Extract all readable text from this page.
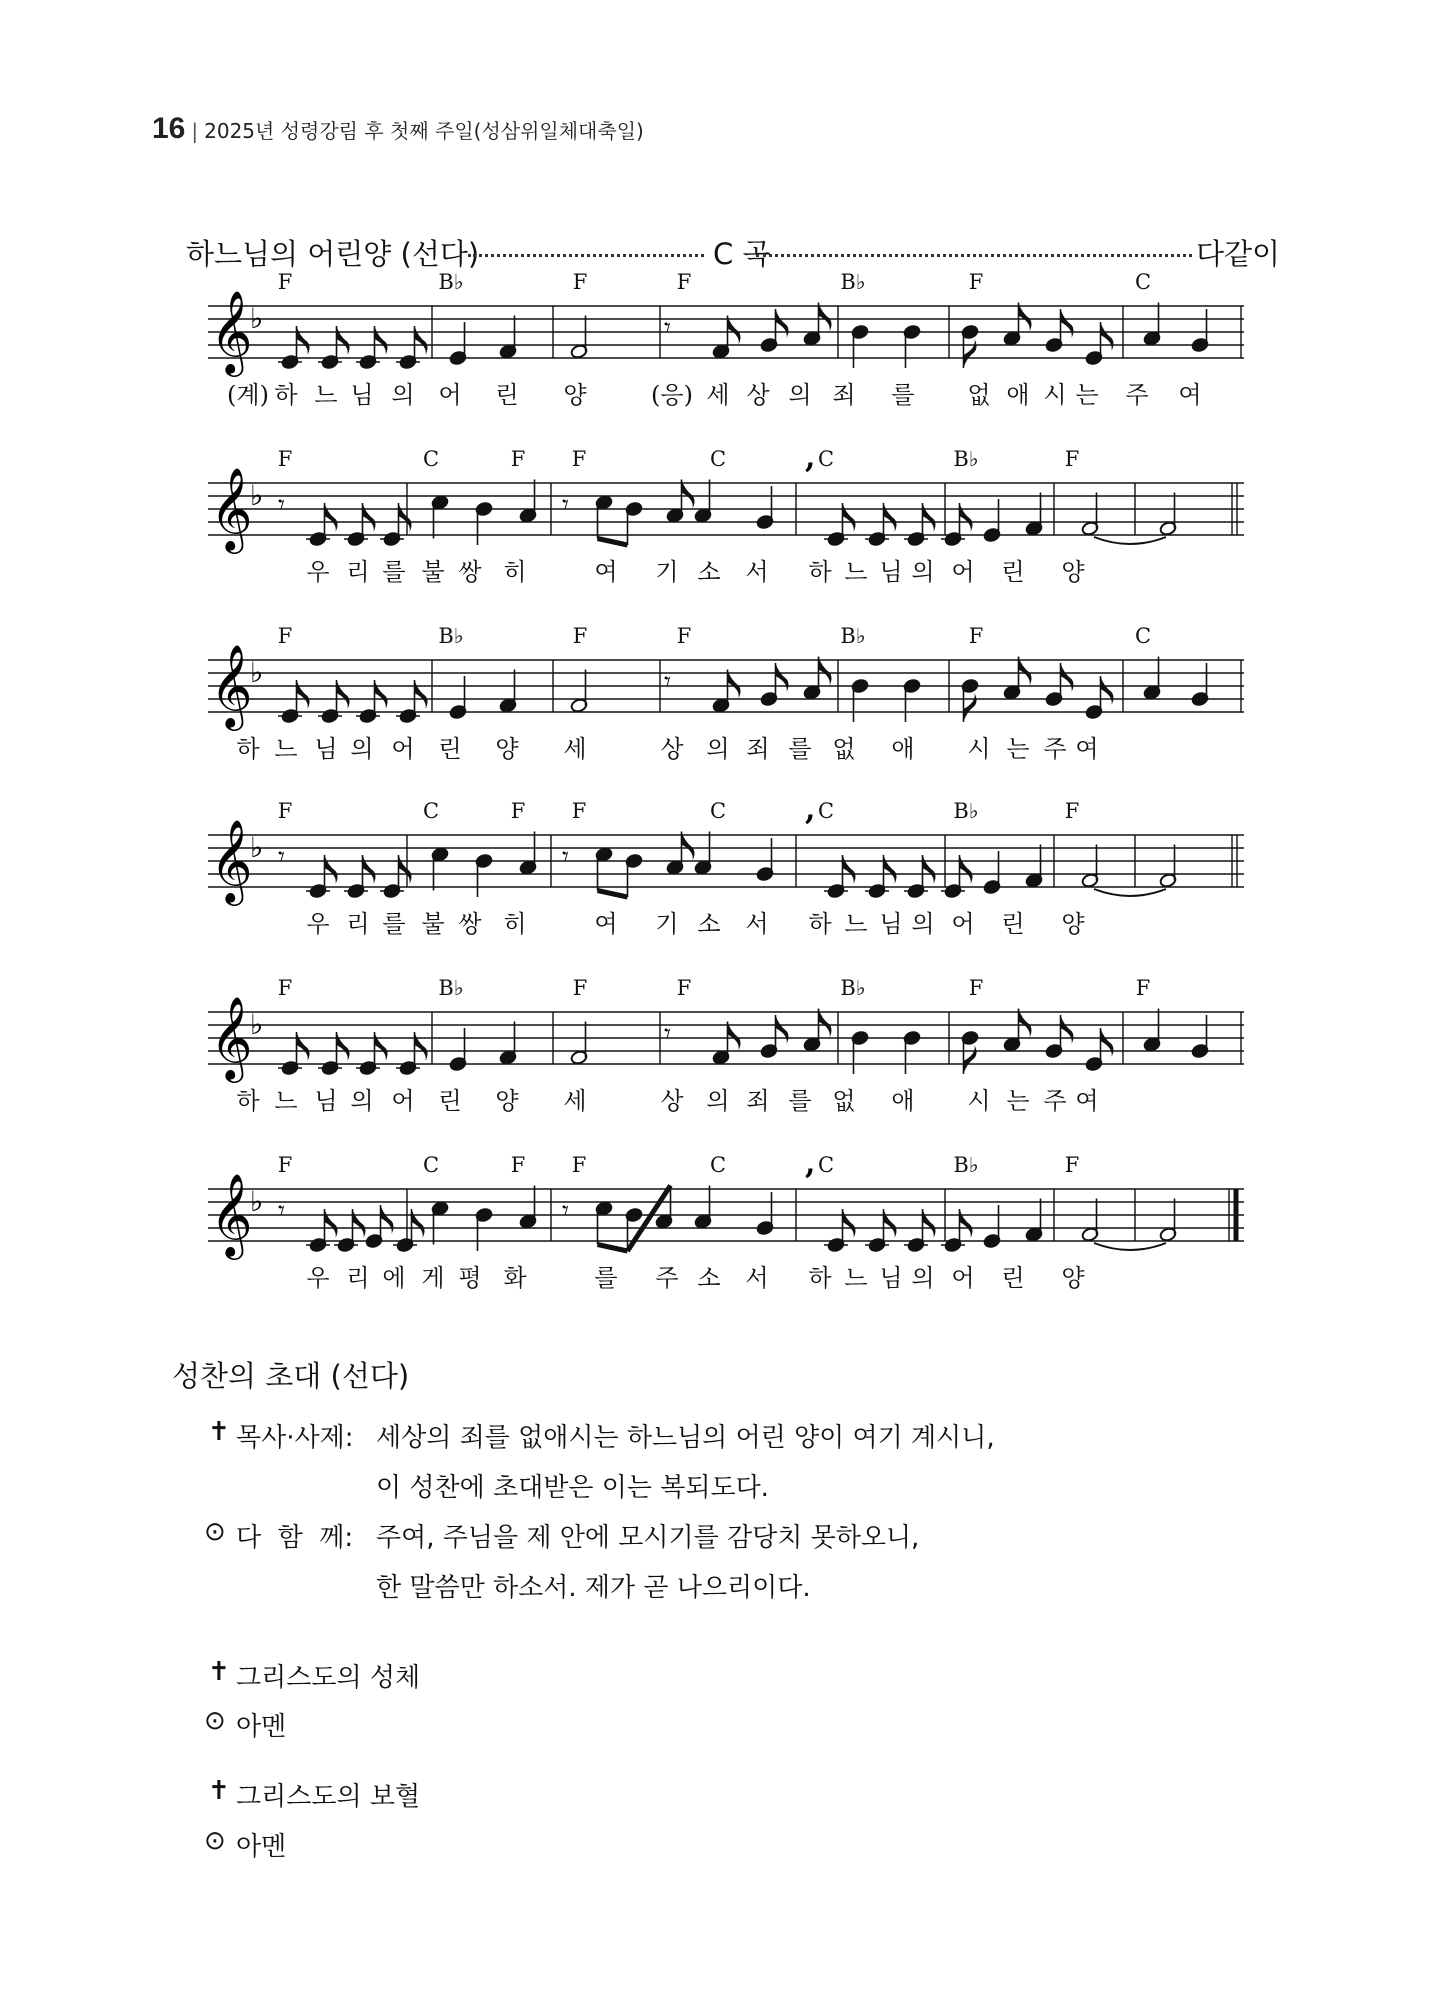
16 | 2025년 성령강림 후 첫째 주일(성삼위일체대축일)
하느님의 어린양 (선다)	C 곡	다같이
𝄞
♭	𝄾
𝄞
♭ 𝄾	𝄾
,
𝄞
♭	𝄾
𝄞
♭ 𝄾	𝄾
,
𝄞
♭	𝄾
𝄞
♭ 𝄾	𝄾
,
F	B♭	F	F	B♭	F	C
(계) 하 느 님 의 어 린 양	(응) 세 상 의 죄 를 없 애 시 는 주 여
F	C	F F	C	C	B♭	F
우 리 를 불 쌍 히	여 기 소 서 하 느 님 의 어 린 양
F	B♭	F	F	B♭	F	C
하 느 님 의 어 린 양 세	상 의 죄 를 없 애 시 는 주 여
F	C	F F	C	C	B♭	F
우 리 를 불 쌍 히	여 기 소 서 하 느 님 의 어 린 양
F	B♭	F	F	B♭	F	F
하 느 님 의 어 린 양 세	상 의 죄 를 없 애 시 는 주 여
F	C	F F	C	C	B♭	F
우 리 에 게 평 화	를 주 소 서 하 느 님 의 어 린 양
성찬의 초대 (선다)
✝ 목사·사제: 세상의 죄를 없애시는 하느님의 어린 양이 여기 계시니,
이 성찬에 초대받은 이는 복되도다.
⊙ 다  함  께: 주여, 주님을 제 안에 모시기를 감당치 못하오니,
한 말씀만 하소서. 제가 곧 나으리이다.
✝ 그리스도의 성체
⊙ 아멘
✝ 그리스도의 보혈
⊙ 아멘
